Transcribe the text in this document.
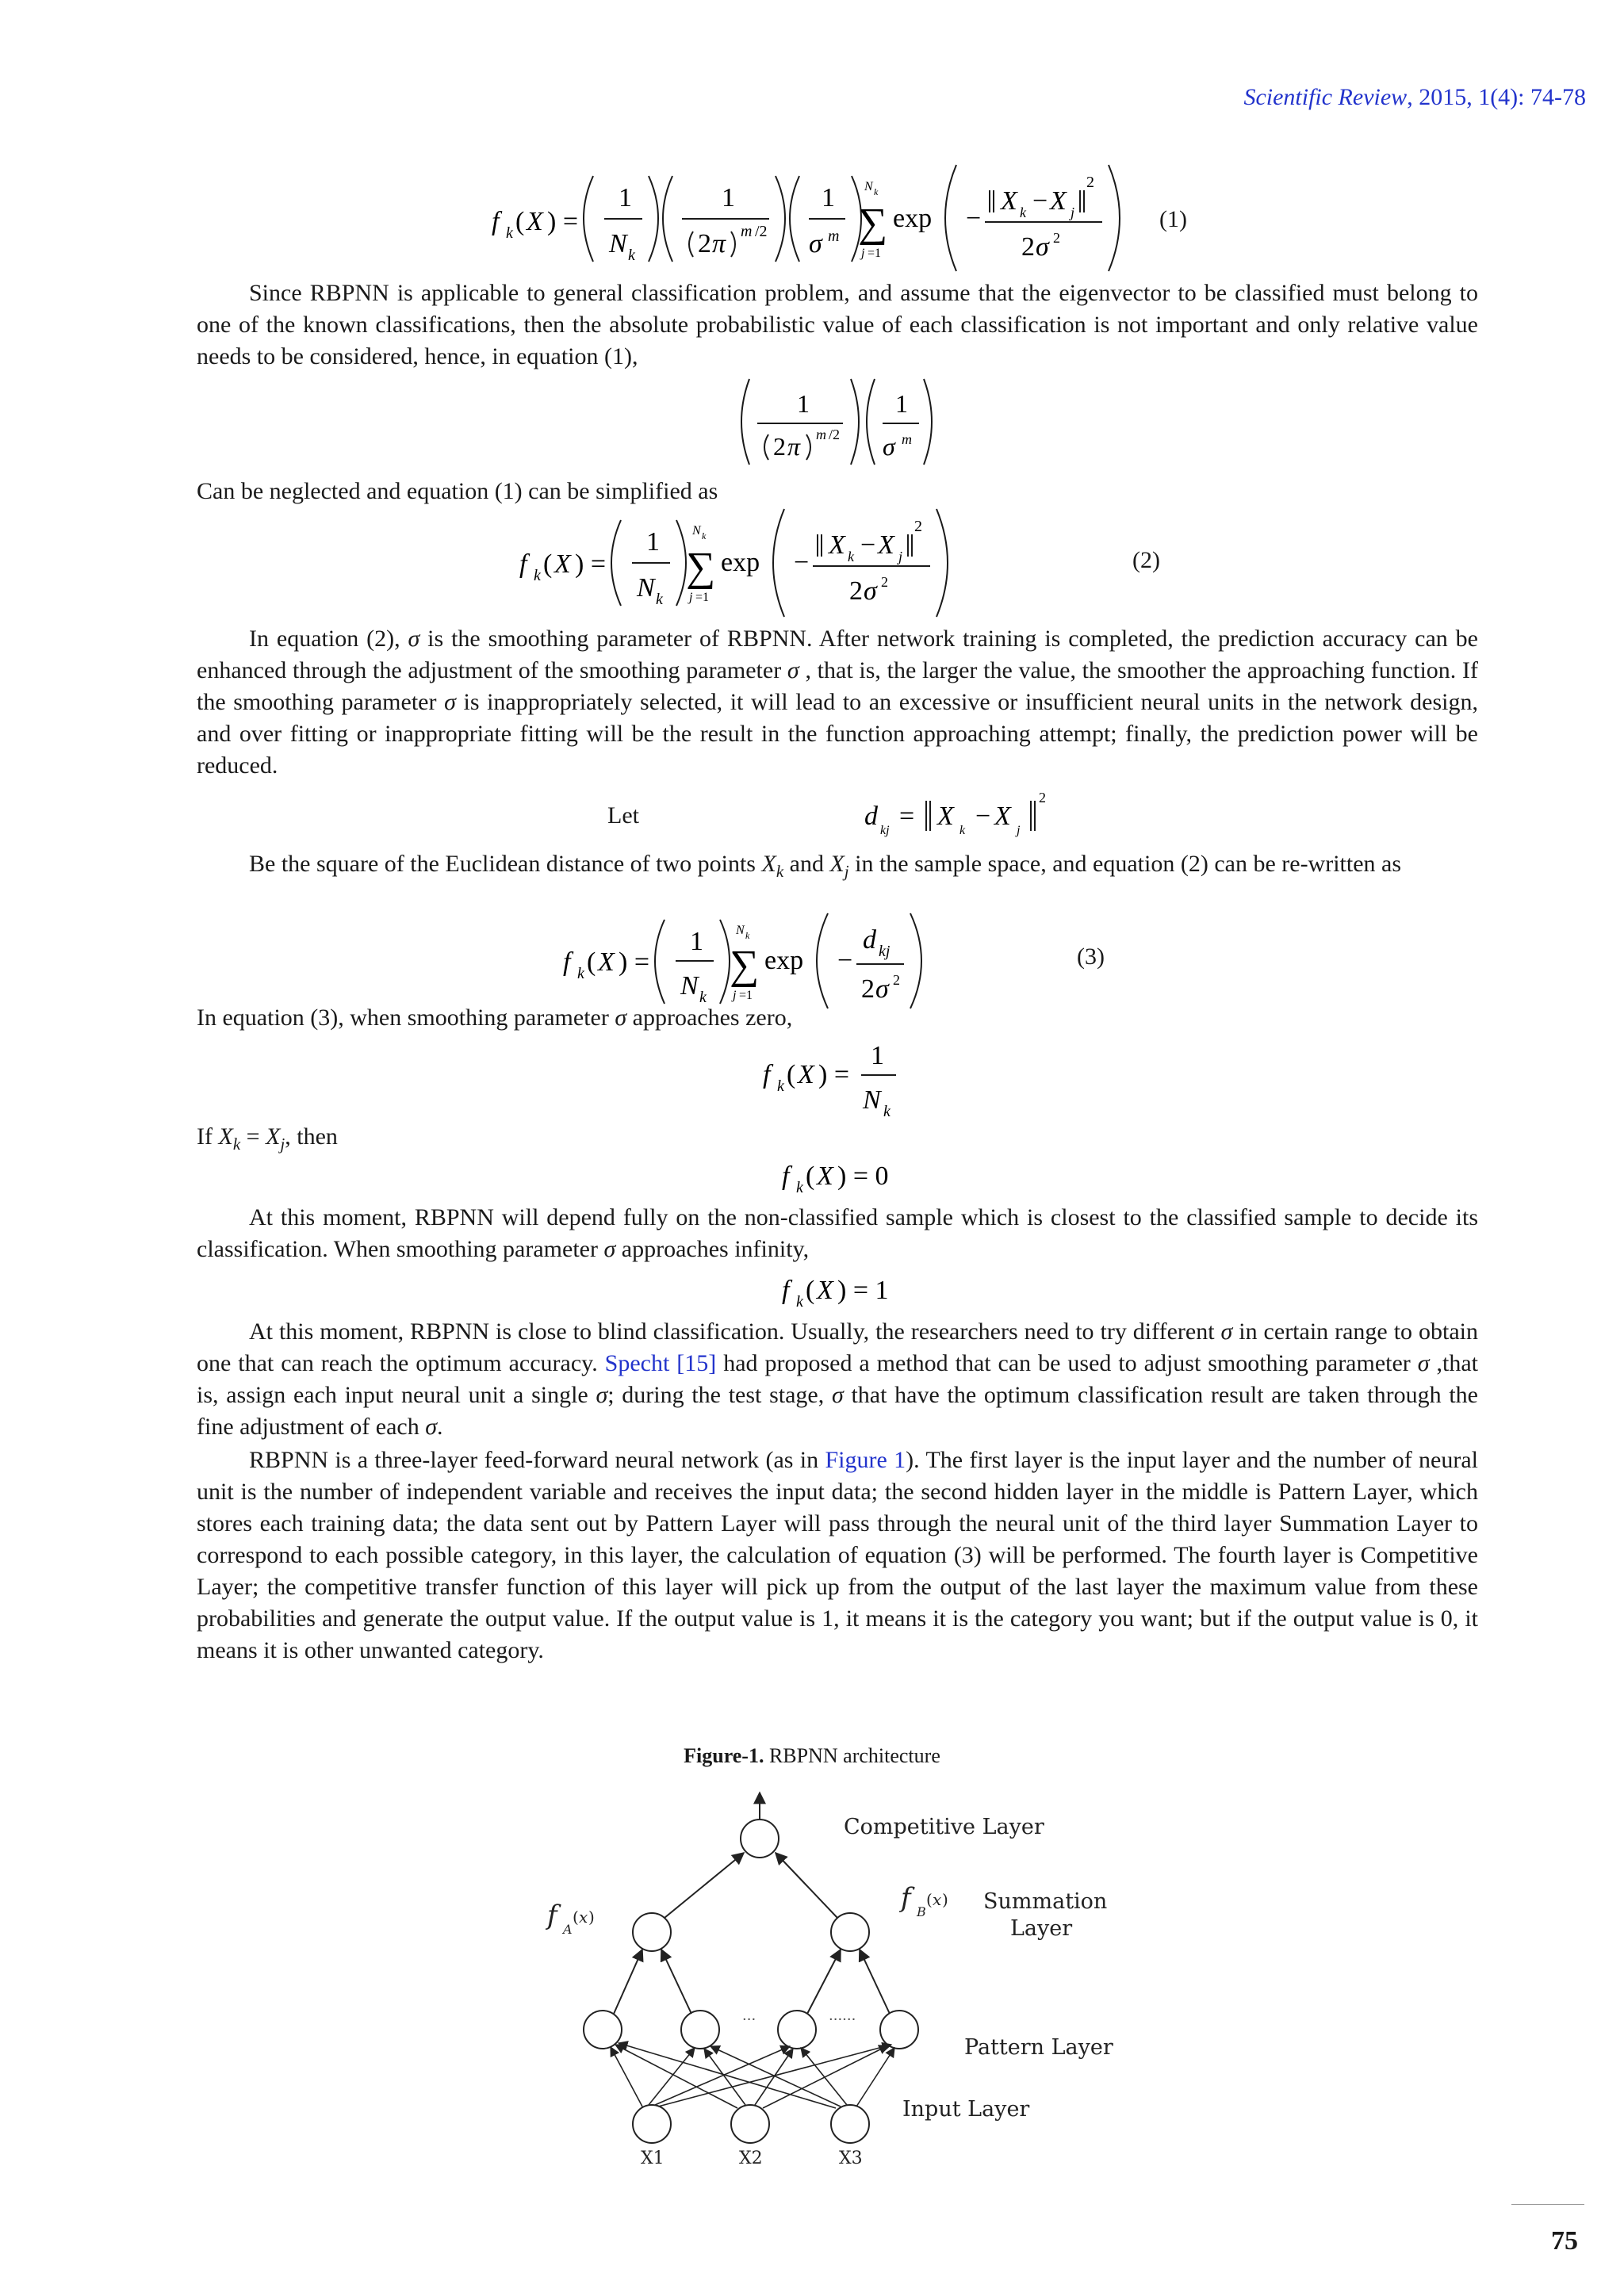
Scientific Review, 2015, 1(4): 74-78
f k ( X ) =
1
N k
1
2 π m /2
1
σ m
N k
∑
j =1
exp −
X k − X j
2
2 σ 2
(1)

Since RBPNN is applicable to general classification problem, and assume that the eigenvector to be classified must belong to one of the known classifications, then the absolute probabilistic value of each classification is not important and only relative value needs to be considered, hence, in equation (1),

1
2 π m /2
1
σ m

Can be neglected and equation (1) can be simplified as

f k ( X ) =
1
N k
N k
∑
j =1
exp −
X k − X j
2
2 σ 2
(2)

In equation (2), σ is the smoothing parameter of RBPNN. After network training is completed, the prediction accuracy can be enhanced through the adjustment of the smoothing parameter σ , that is, the larger the value, the smoother the approaching function. If the smoothing parameter σ is inappropriately selected, it will lead to an excessive or insufficient neural units in the network design, and over fitting or inappropriate fitting will be the result in the function approaching attempt; finally, the prediction power will be reduced.

Let	d kj = X k − X j
2

Be the square of the Euclidean distance of two points $X_k$ and $X_j$ in the sample space, and equation (2) can be re-written as

f k ( X ) =
1
N k
N k
∑
j =1
exp −
d kj
2 σ 2
(3)

In equation (3), when smoothing parameter σ approaches zero,

f k ( X ) =
1
N k

If $X_k = X_j$, then

f k ( X ) = 0

At this moment, RBPNN will depend fully on the non-classified sample which is closest to the classified sample to decide its classification. When smoothing parameter σ approaches infinity,

f k ( X ) = 1

At this moment, RBPNN is close to blind classification. Usually, the researchers need to try different σ in certain range to obtain one that can reach the optimum accuracy. Specht [15] had proposed a method that can be used to adjust smoothing parameter σ ,that is, assign each input neural unit a single σ; during the test stage, σ that have the optimum classification result are taken through the fine adjustment of each σ.

RBPNN is a three-layer feed-forward neural network (as in Figure 1). The first layer is the input layer and the number of neural unit is the number of independent variable and receives the input data; the second hidden layer in the middle is Pattern Layer, which stores each training data; the data sent out by Pattern Layer will pass through the neural unit of the third layer Summation Layer to correspond to each possible category, in this layer, the calculation of equation (3) will be performed. The fourth layer is Competitive Layer; the competitive transfer function of this layer will pick up from the output of the last layer the maximum value from these probabilities and generate the output value. If the output value is 1, it means it is the category you want; but if the output value is 0, it means it is other unwanted category.

Figure-1. RBPNN architecture
···	······
f A
( x )
f B
( x )
Competitive Layer
Summation
Layer
Pattern Layer
Input Layer
X1	X2	X3
75
